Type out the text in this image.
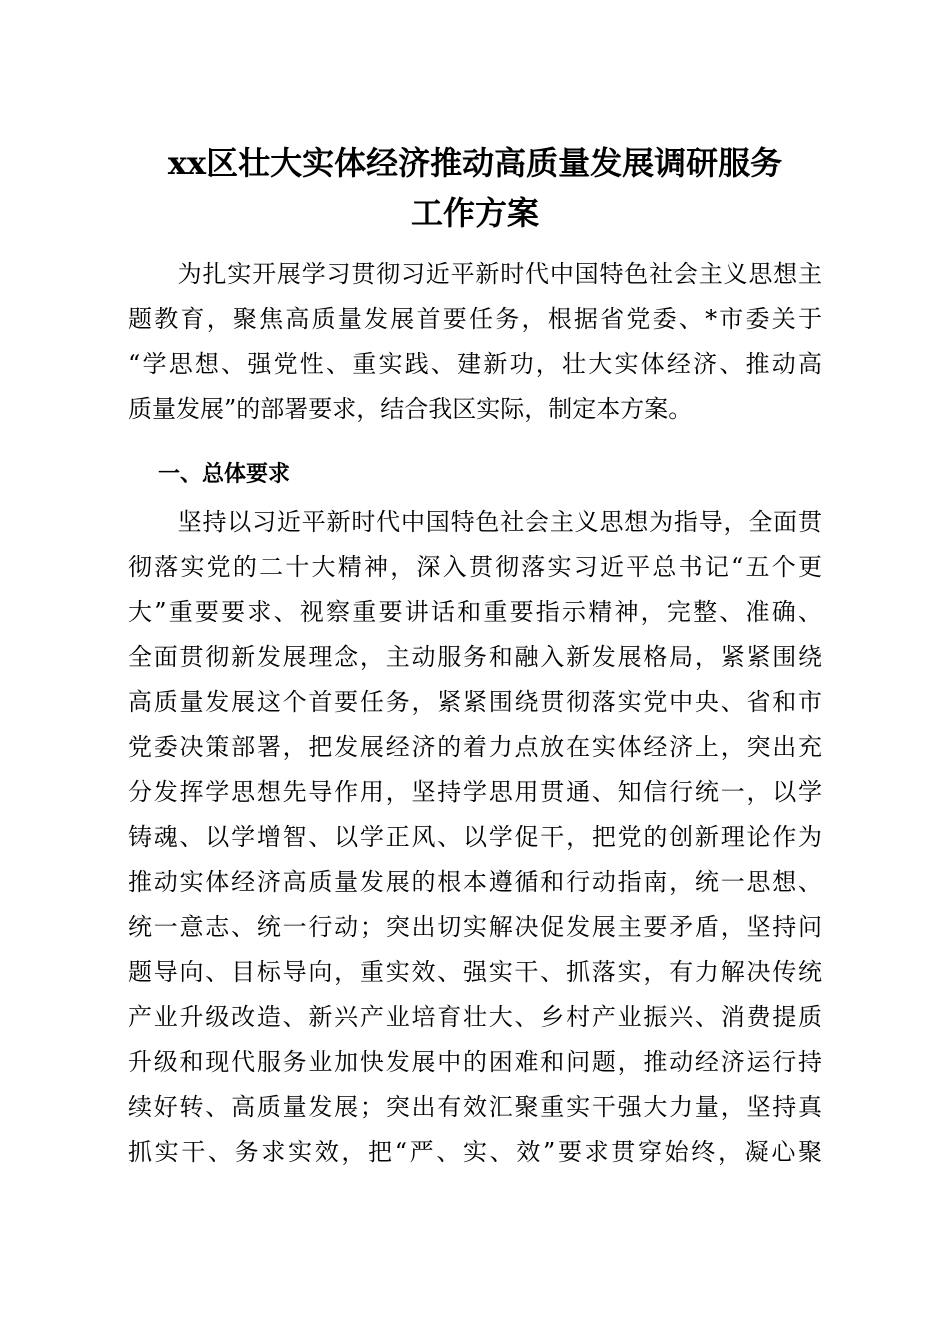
xx区壮大实体经济推动高质量发展调研服务
工作方案
　　为扎实开展学习贯彻习近平新时代中国特色社会主义思想主
题教育，聚焦高质量发展首要任务，根据省党委、*市委关于
“学思想、强党性、重实践、建新功，壮大实体经济、推动高
质量发展”的部署要求，结合我区实际，制定本方案。
一、总体要求
　　坚持以习近平新时代中国特色社会主义思想为指导，全面贯
彻落实党的二十大精神，深入贯彻落实习近平总书记“五个更
大”重要要求、视察重要讲话和重要指示精神，完整、准确、
全面贯彻新发展理念，主动服务和融入新发展格局，紧紧围绕
高质量发展这个首要任务，紧紧围绕贯彻落实党中央、省和市
党委决策部署，把发展经济的着力点放在实体经济上，突出充
分发挥学思想先导作用，坚持学思用贯通、知信行统一，以学
铸魂、以学增智、以学正风、以学促干，把党的创新理论作为
推动实体经济高质量发展的根本遵循和行动指南，统一思想、
统一意志、统一行动；突出切实解决促发展主要矛盾，坚持问
题导向、目标导向，重实效、强实干、抓落实，有力解决传统
产业升级改造、新兴产业培育壮大、乡村产业振兴、消费提质
升级和现代服务业加快发展中的困难和问题，推动经济运行持
续好转、高质量发展；突出有效汇聚重实干强大力量，坚持真
抓实干、务求实效，把“严、实、效”要求贯穿始终，凝心聚
